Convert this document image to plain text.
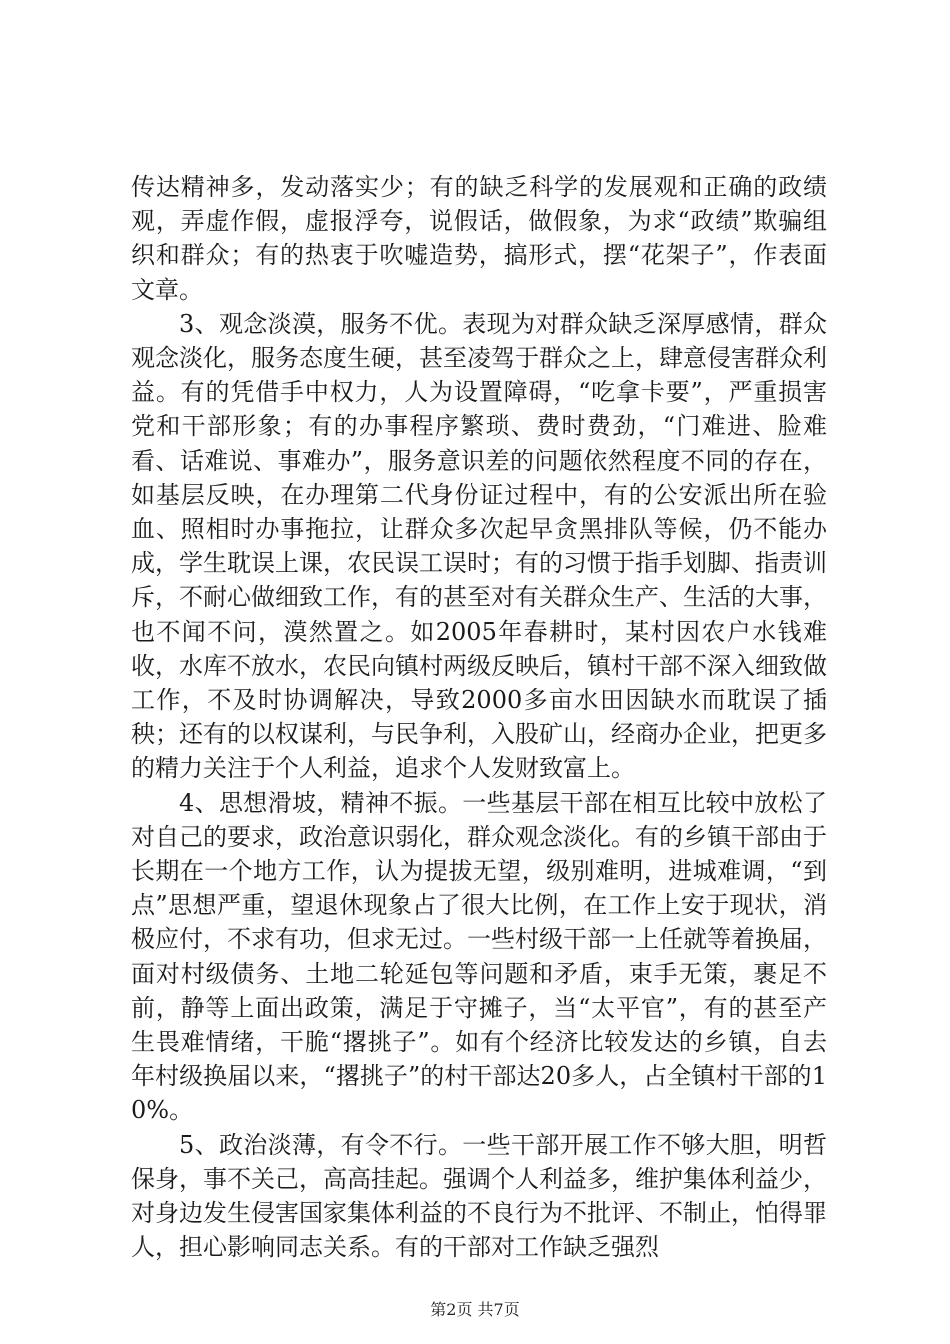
传达精神多，发动落实少；有的缺乏科学的发展观和正确的政绩观，弄虚作假，虚报浮夸，说假话，做假象，为求“政绩”欺骗组织和群众；有的热衷于吹嘘造势，搞形式，摆“花架子”，作表面文章。

3、观念淡漠，服务不优。表现为对群众缺乏深厚感情，群众观念淡化，服务态度生硬，甚至凌驾于群众之上，肆意侵害群众利益。有的凭借手中权力，人为设置障碍，“吃拿卡要”，严重损害党和干部形象；有的办事程序繁琐、费时费劲，“门难进、脸难看、话难说、事难办”，服务意识差的问题依然程度不同的存在，如基层反映，在办理第二代身份证过程中，有的公安派出所在验血、照相时办事拖拉，让群众多次起早贪黑排队等候，仍不能办成，学生耽误上课，农民误工误时；有的习惯于指手划脚、指责训斥，不耐心做细致工作，有的甚至对有关群众生产、生活的大事，也不闻不问，漠然置之。如2005年春耕时，某村因农户水钱难收，水库不放水，农民向镇村两级反映后，镇村干部不深入细致做工作，不及时协调解决，导致2000多亩水田因缺水而耽误了插秧；还有的以权谋利，与民争利，入股矿山，经商办企业，把更多的精力关注于个人利益，追求个人发财致富上。

4、思想滑坡，精神不振。一些基层干部在相互比较中放松了对自己的要求，政治意识弱化，群众观念淡化。有的乡镇干部由于长期在一个地方工作，认为提拔无望，级别难明，进城难调，“到点”思想严重，望退休现象占了很大比例，在工作上安于现状，消极应付，不求有功，但求无过。一些村级干部一上任就等着换届，面对村级债务、土地二轮延包等问题和矛盾，束手无策，裹足不前，静等上面出政策，满足于守摊子，当“太平官”，有的甚至产生畏难情绪，干脆“撂挑子”。如有个经济比较发达的乡镇，自去年村级换届以来，“撂挑子”的村干部达20多人，占全镇村干部的10%。

5、政治淡薄，有令不行。一些干部开展工作不够大胆，明哲保身，事不关己，高高挂起。强调个人利益多，维护集体利益少，对身边发生侵害国家集体利益的不良行为不批评、不制止，怕得罪人，担心影响同志关系。有的干部对工作缺乏强烈

第2页 共7页
